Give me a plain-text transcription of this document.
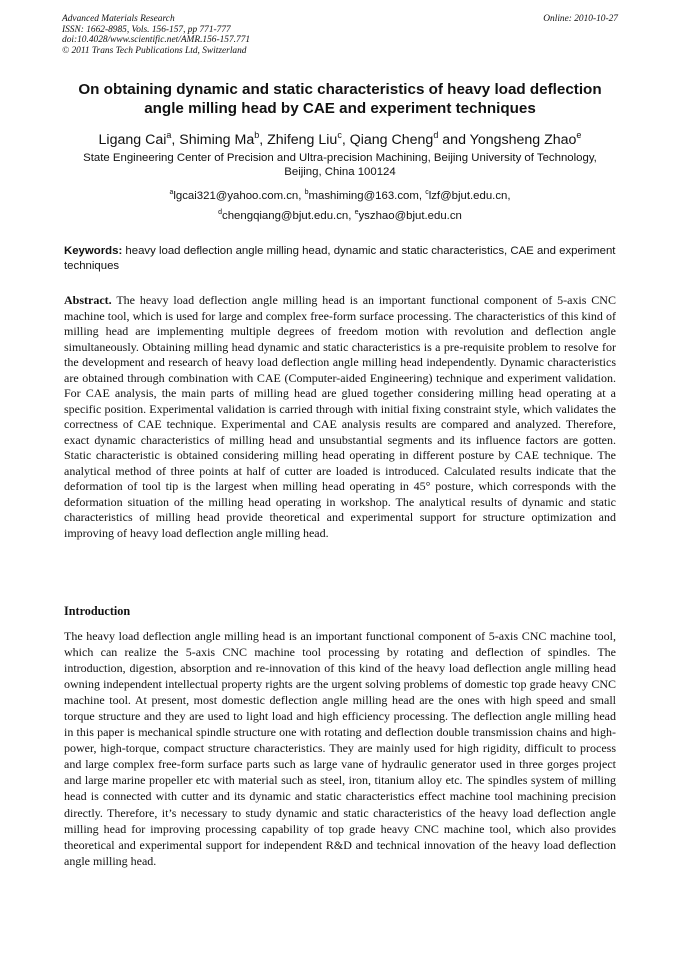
Advanced Materials Research
ISSN: 1662-8985, Vols. 156-157, pp 771-777
doi:10.4028/www.scientific.net/AMR.156-157.771
© 2011 Trans Tech Publications Ltd, Switzerland
Online: 2010-10-27
On obtaining dynamic and static characteristics of heavy load deflection angle milling head by CAE and experiment techniques
Ligang Cai$^a$, Shiming Ma$^b$, Zhifeng Liu$^c$, Qiang Cheng$^d$ and Yongsheng Zhao$^e$
State Engineering Center of Precision and Ultra-precision Machining, Beijing University of Technology, Beijing, China 100124
$^a$lgcai321@yahoo.com.cn, $^b$mashiming@163.com, $^c$lzf@bjut.edu.cn,
$^d$chengqiang@bjut.edu.cn, $^e$yszhao@bjut.edu.cn
Keywords: heavy load deflection angle milling head, dynamic and static characteristics, CAE and experiment techniques
Abstract. The heavy load deflection angle milling head is an important functional component of 5-axis CNC machine tool, which is used for large and complex free-form surface processing. The characteristics of this kind of milling head are implementing multiple degrees of freedom motion with revolution and deflection angle simultaneously. Obtaining milling head dynamic and static characteristics is a pre-requisite problem to resolve for the development and research of heavy load deflection angle milling head independently. Dynamic characteristics are obtained through combination with CAE (Computer-aided Engineering) technique and experiment validation. For CAE analysis, the main parts of milling head are glued together considering milling head operating at a specific position. Experimental validation is carried through with initial fixing constraint style, which validates the correctness of CAE technique. Experimental and CAE analysis results are compared and analyzed. Therefore, exact dynamic characteristics of milling head and unsubstantial segments and its influence factors are gotten. Static characteristic is obtained considering milling head operating in different posture by CAE technique. The analytical method of three points at half of cutter are loaded is introduced. Calculated results indicate that the deformation of tool tip is the largest when milling head operating in 45° posture, which corresponds with the deformation situation of the milling head operating in workshop. The analytical results of dynamic and static characteristics of milling head provide theoretical and experimental support for structure optimization and improving of heavy load deflection angle milling head.
Introduction
The heavy load deflection angle milling head is an important functional component of 5-axis CNC machine tool, which can realize the 5-axis CNC machine tool processing by rotating and deflection of spindles. The introduction, digestion, absorption and re-innovation of this kind of the heavy load deflection angle milling head owning independent intellectual property rights are the urgent solving problems of domestic top grade heavy CNC machine tool. At present, most domestic deflection angle milling head are the ones with high speed and small torque structure and they are used to light load and high efficiency processing. The deflection angle milling head in this paper is mechanical spindle structure one with rotating and deflection double transmission chains and high-power, high-torque, compact structure characteristics. They are mainly used for high rigidity, difficult to process and large complex free-form surface parts such as large vane of hydraulic generator used in three gorges project and large marine propeller etc with material such as steel, iron, titanium alloy etc. The spindles system of milling head is connected with cutter and its dynamic and static characteristics effect machine tool machining precision directly. Therefore, it’s necessary to study dynamic and static characteristics of the heavy load deflection angle milling head for improving processing capability of top grade heavy CNC machine tool, which also provides theoretical and experimental support for independent R&D and technical innovation of the heavy load deflection angle milling head.
